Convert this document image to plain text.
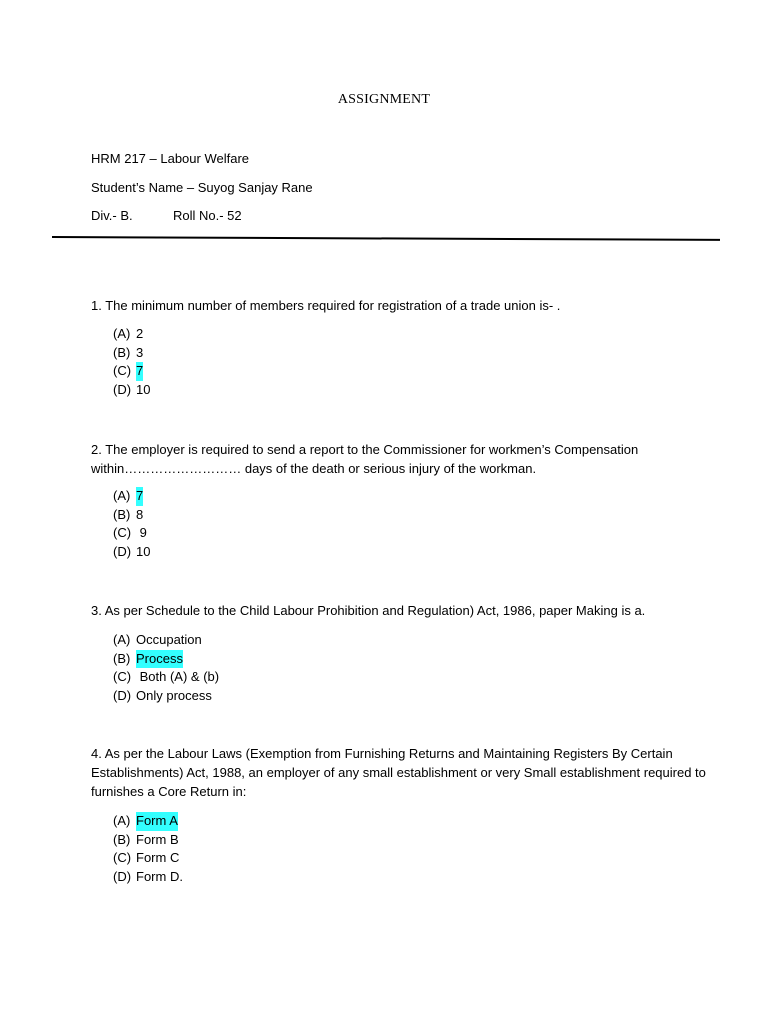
ASSIGNMENT
HRM 217 – Labour Welfare
Student’s Name – Suyog Sanjay Rane
Div.- B.	Roll No.- 52
1. The minimum number of members required for registration of a trade union is- .
(A) 2
(B) 3
(C) 7
(D) 10
2. The employer is required to send a report to the Commissioner for workmen’s Compensation within……………………… days of the death or serious injury of the workman.
(A) 7
(B) 8
(C) 9
(D) 10
3. As per Schedule to the Child Labour Prohibition and Regulation) Act, 1986, paper Making is a.
(A) Occupation
(B) Process
(C) Both (A) & (b)
(D) Only process
4. As per the Labour Laws (Exemption from Furnishing Returns and Maintaining Registers By Certain Establishments) Act, 1988, an employer of any small establishment or very Small establishment required to furnishes a Core Return in:
(A) Form A
(B) Form B
(C) Form C
(D) Form D.
